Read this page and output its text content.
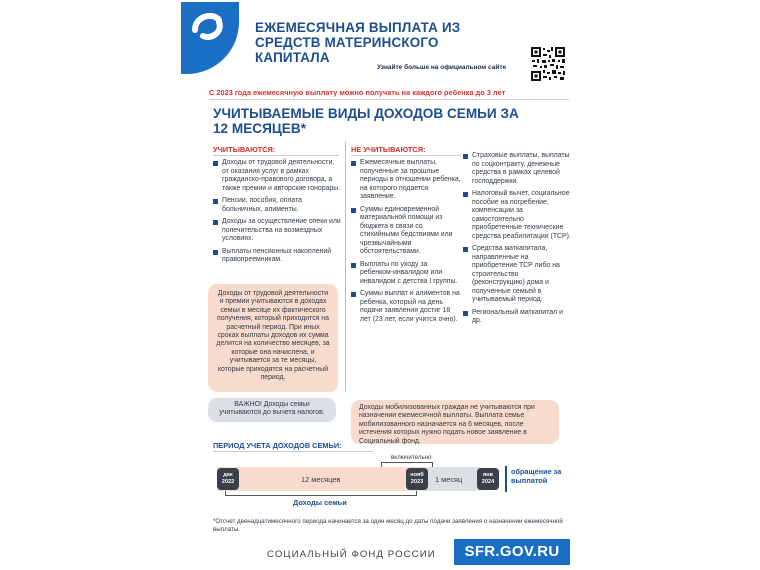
ЕЖЕМЕСЯЧНАЯ ВЫПЛАТА ИЗ СРЕДСТВ МАТЕРИНСКОГО КАПИТАЛА
Узнайте больше на официальном сайте
С 2023 года ежемесячную выплату можно получать на каждого ребенка до 3 лет
УЧИТЫВАЕМЫЕ ВИДЫ ДОХОДОВ СЕМЬИ ЗА 12 МЕСЯЦЕВ*
УЧИТЫВАЮТСЯ:	НЕ УЧИТЫВАЮТСЯ:
Доходы от трудовой деятельности, от оказания услуг в рамках гражданско-правового договора, а также премии и авторские гонорары.
Пенсии, пособия, оплата больничных, алименты.
Доходы за осуществление опеки или попечительства на возмездных условиях.
Выплаты пенсионных накоплений правопреемникам.
Ежемесячные выплаты, полученные за прошлые периоды в отношении ребенка, на которого подается заявление.
Суммы единовременной материальной помощи из бюджета в связи со стихийными бедствиями или чрезвычайными обстоятельствами.
Выплаты по уходу за ребенком-инвалидом или инвалидом с детства I группы.
Суммы выплат и алиментов на ребенка, который на день подачи заявления достиг 18 лет (23 лет, если учится очно).
Страховые выплаты, выплаты по соцконтракту, денежные средства в рамках целевой господдержки.
Налоговый вычет, социальное пособие на погребение, компенсации за самостоятельно приобретенные технические средства реабилитации (ТСР).
Средства маткапитала, направленные на приобретение ТСР либо на строительство (реконструкцию) дома и полученные семьей в учитываемый период.
Региональный маткапитал и др.
Доходы от трудовой деятельности и премии учитываются в доходах семьи в месяце их фактического получения, который приходится на расчетный период. При иных сроках выплаты доходов их сумма делится на количество месяцев, за которые она начислена, и учитывается за те месяцы, которые приходятся на расчетный период.
ВАЖНО! Доходы семьи учитываются до вычета налогов.
Доходы мобилизованных граждан не учитываются при назначении ежемесячной выплаты. Выплата семье мобилизованного назначается на 6 месяцев, после истечения которых нужно подать новое заявление в Социальный фонд.
ПЕРИОД УЧЕТА ДОХОДОВ СЕМЬИ:
включительно
12 месяцев	1 месяц
дек
2022
нояб
2023
янв
2024
обращение за выплатой
Доходы семьи
*Отсчет двенадцатимесячного периода начинается за один месяц до даты подачи заявления о назначении ежемесячной выплаты.
СОЦИАЛЬНЫЙ ФОНД РОССИИ	SFR.GOV.RU
